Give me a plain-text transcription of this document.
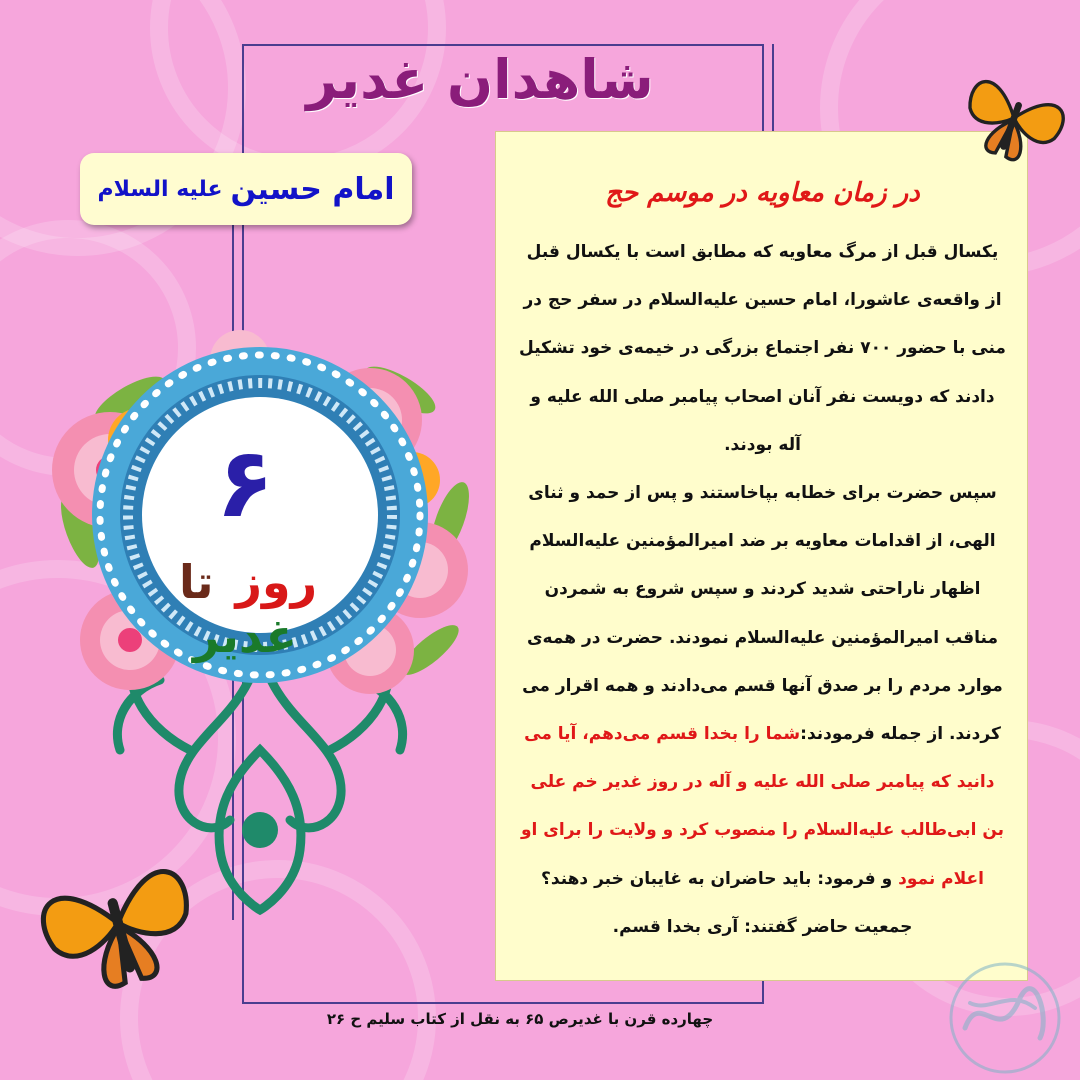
شاهدان غدیر
امام حسین
علیه السلام
۶
روز تا غدیر
در زمان معاویه در موسم حج
یکسال قبل از مرگ معاویه که مطابق است با یکسال قبل از واقعه‌ی عاشورا، امام حسین علیه‌السلام در سفر حج در منی با حضور ۷۰۰ نفر اجتماع بزرگی در خیمه‌ی خود تشکیل دادند که دویست نفر آنان اصحاب پیامبر صلی الله علیه و آله بودند.
سپس حضرت برای خطابه بپاخاستند و پس از حمد و ثنای الهی، از اقدامات معاویه بر ضد امیرالمؤمنین علیه‌السلام اظهار ناراحتی شدید کردند و سپس شروع به شمردن مناقب امیرالمؤمنین علیه‌السلام نمودند. حضرت در همه‌ی موارد مردم را بر صدق آنها قسم می‌دادند و همه اقرار می کردند. از جمله فرمودند:شما را بخدا قسم می‌دهم، آیا می دانید که پیامبر صلی الله علیه و آله در روز غدیر خم علی بن ابی‌طالب علیه‌السلام را منصوب کرد و ولایت را برای او اعلام نمود و فرمود: باید حاضران به غایبان خبر دهند؟
جمعیت حاضر گفتند: آری بخدا قسم.
چهارده قرن با غدیرص ۶۵ به نقل از کتاب سلیم ح ۲۶
